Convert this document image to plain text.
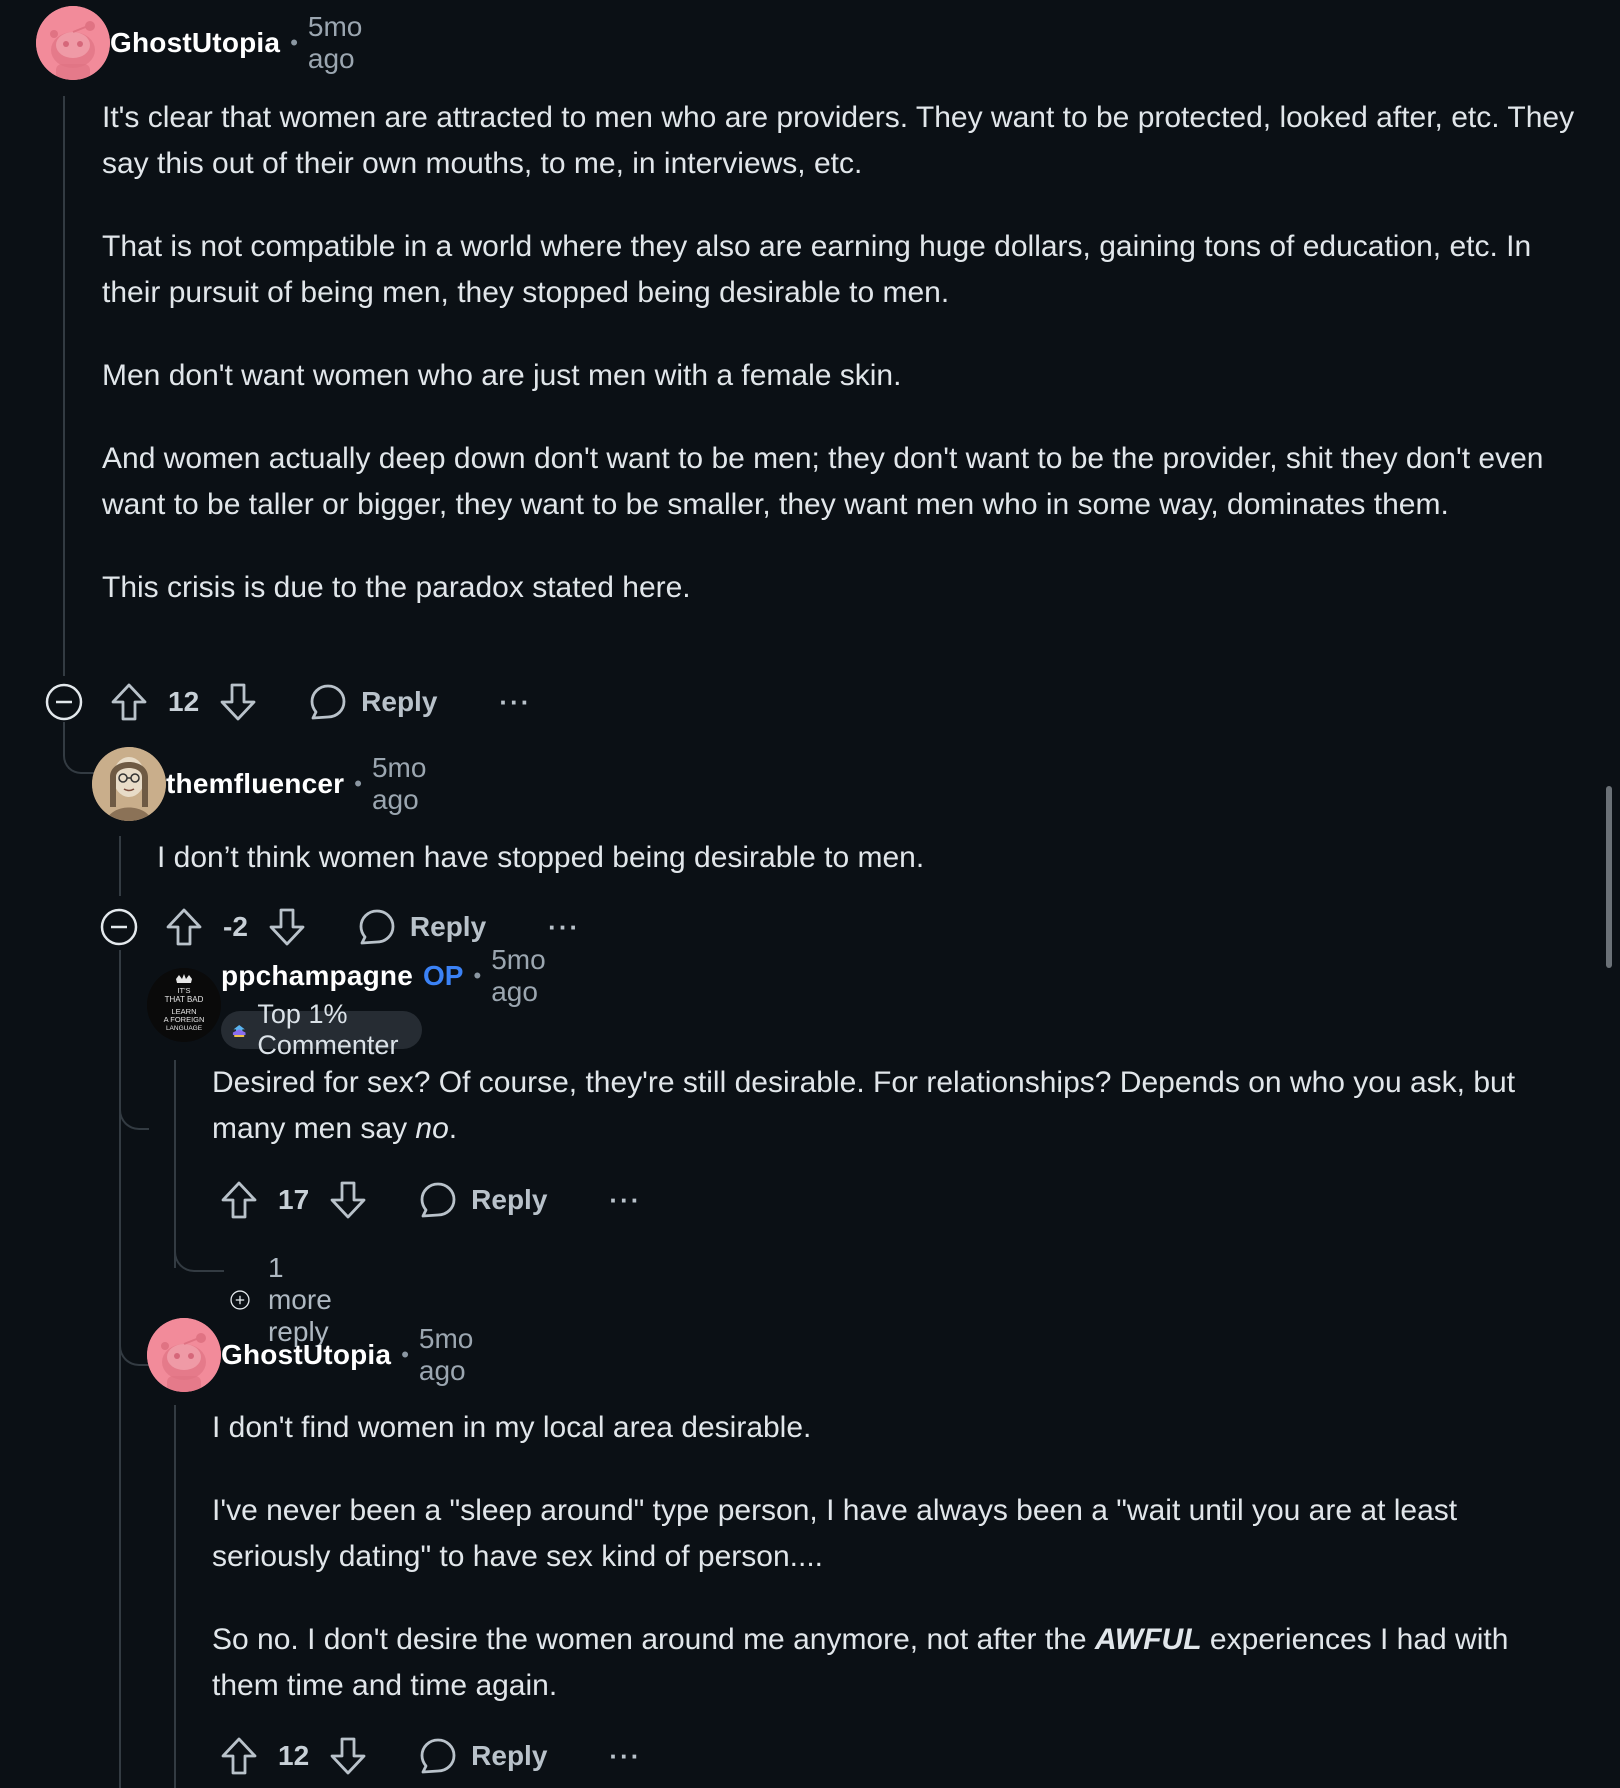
GhostUtopia •
5mo ago

It's clear that women are attracted to men who are providers. They want to be protected, looked after, etc. They say this out of their own mouths, to me, in interviews, etc.

That is not compatible in a world where they also are earning huge dollars, gaining tons of education, etc. In their pursuit of being men, they stopped being desirable to men.

Men don't want women who are just men with a female skin.

And women actually deep down don't want to be men; they don't want to be the provider, shit they don't even want to be taller or bigger, they want to be smaller, they want men who in some way, dominates them.

This crisis is due to the paradox stated here.

12	Reply ···
themfluencer •
5mo ago

I don’t think women have stopped being desirable to men.

-2	Reply ···
IT'S
THAT BAD
LEARN
A FOREIGN
LANGUAGE
ppchampagne OP •
5mo ago
Top 1% Commenter

Desired for sex? Of course, they're still desirable. For relationships? Depends on who you ask, but many men say no.

17	Reply ···
1 more reply
GhostUtopia •
5mo ago

I don't find women in my local area desirable.

I've never been a "sleep around" type person, I have always been a "wait until you are at least seriously dating" to have sex kind of person....

So no. I don't desire the women around me anymore, not after the AWFUL experiences I had with them time and time again.

12	Reply ···
